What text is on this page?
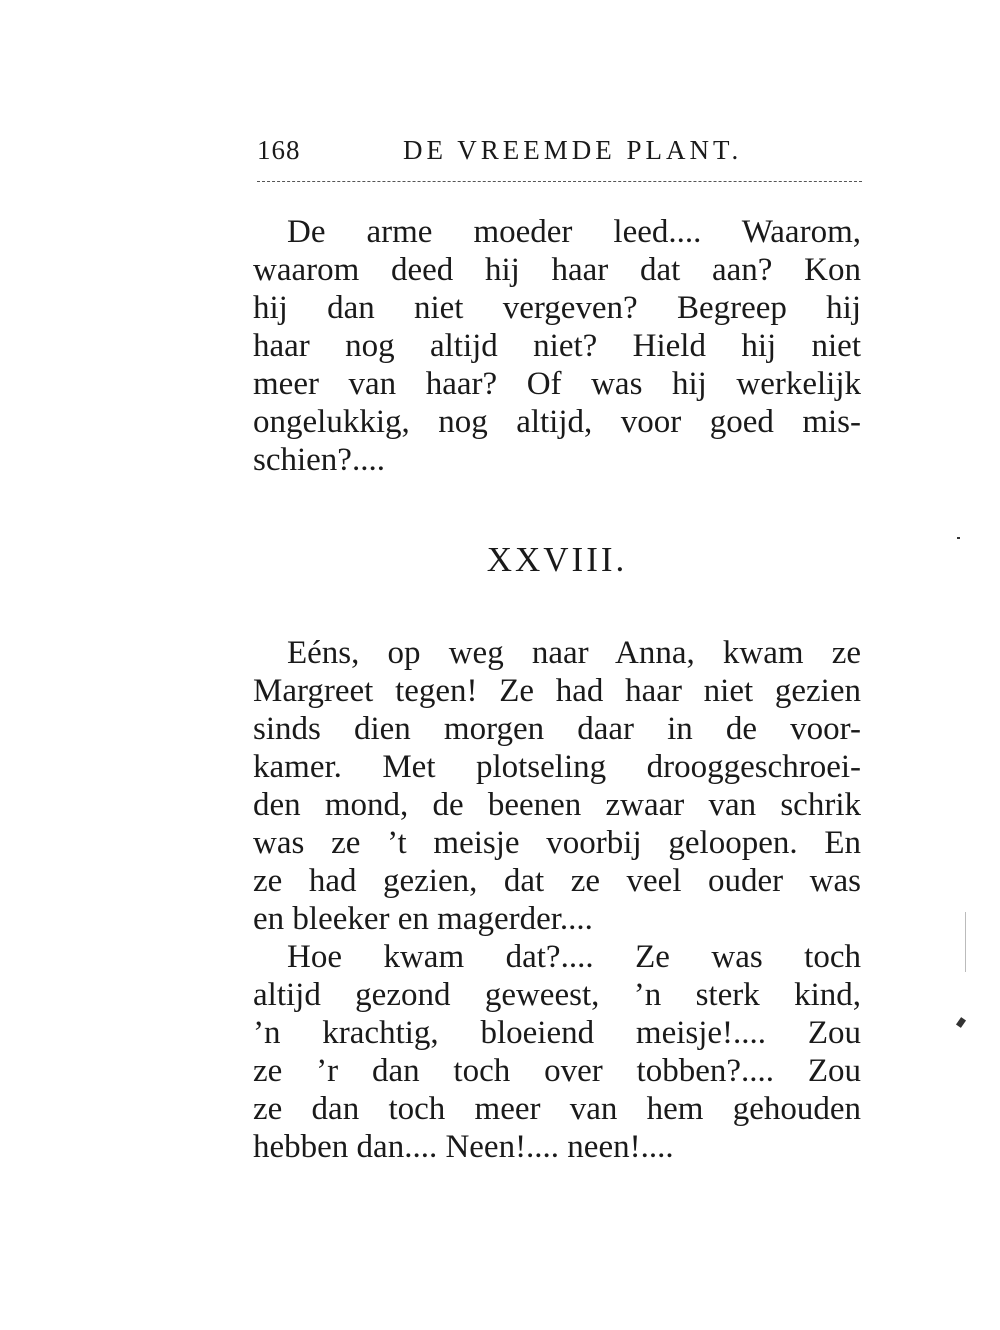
168	DE VREEMDE PLANT.
De arme moeder leed.... Waarom,
waarom deed hij haar dat aan? Kon
hij dan niet vergeven? Begreep hij
haar nog altijd niet? Hield hij niet
meer van haar? Of was hij werkelijk
ongelukkig, nog altijd, voor goed mis-
schien?....
XXVIII.
Eéns, op weg naar Anna, kwam ze
Margreet tegen! Ze had haar niet gezien
sinds dien morgen daar in de voor-
kamer. Met plotseling drooggeschroei-
den mond, de beenen zwaar van schrik
was ze ’t meisje voorbij geloopen. En
ze had gezien, dat ze veel ouder was
en bleeker en magerder....
Hoe kwam dat?.... Ze was toch
altijd gezond geweest, ’n sterk kind,
’n krachtig, bloeiend meisje!.... Zou
ze ’r dan toch over tobben?.... Zou
ze dan toch meer van hem gehouden
hebben dan.... Neen!.... neen!....
